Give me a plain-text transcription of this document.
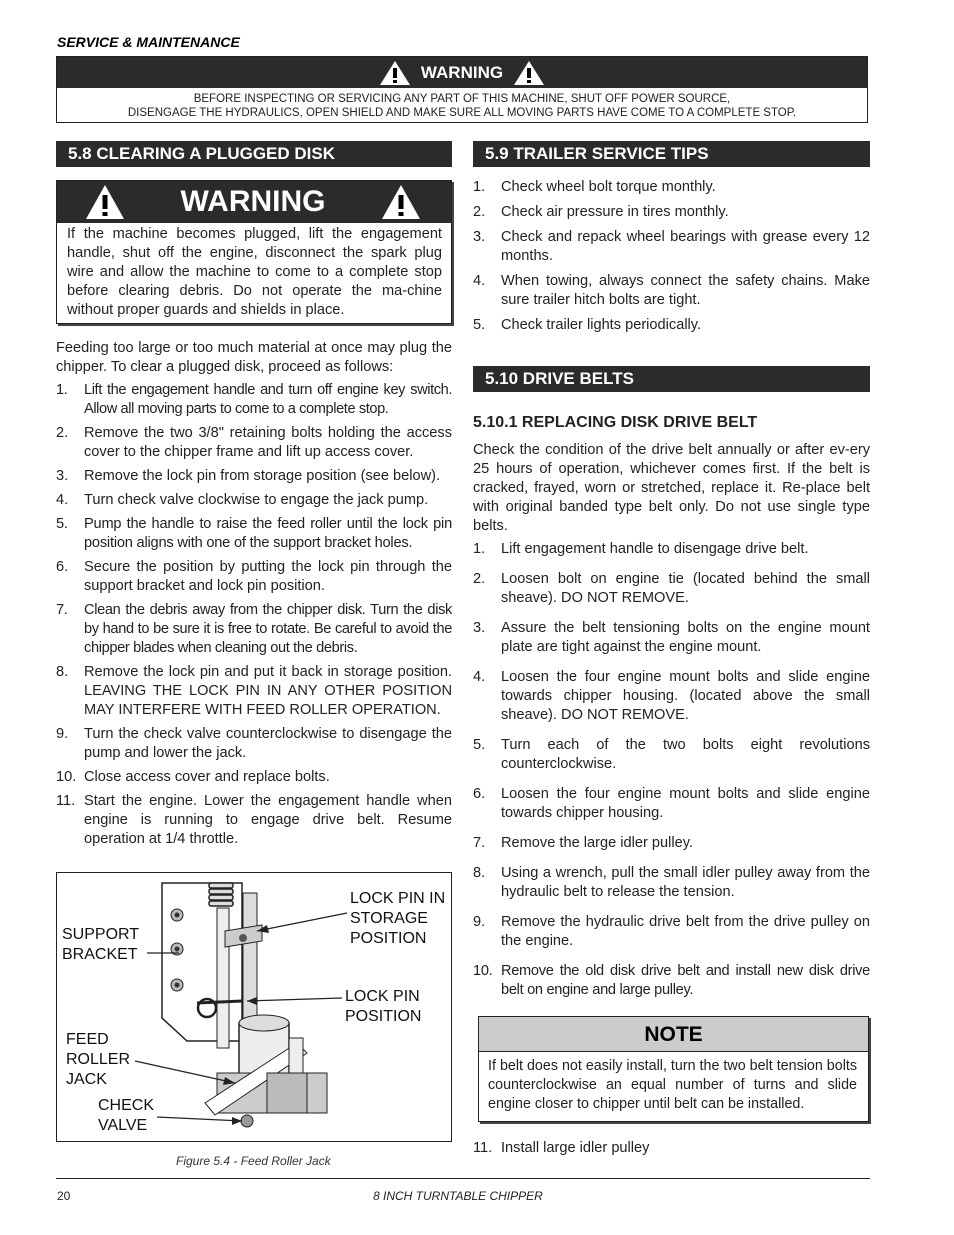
SERVICE & MAINTENANCE
WARNING
BEFORE INSPECTING OR SERVICING ANY PART OF THIS MACHINE, SHUT OFF POWER SOURCE,
DISENGAGE THE HYDRAULICS, OPEN SHIELD AND MAKE SURE ALL MOVING PARTS HAVE COME TO A COMPLETE STOP.
5.8 CLEARING A PLUGGED DISK
WARNING
If the machine becomes plugged, lift the engagement handle, shut off the engine, disconnect the spark plug wire and allow the machine to come to a complete stop before clearing debris. Do not operate the ma-chine without proper guards and shields in place.
Feeding too large or too much material at once may plug the chipper. To clear a plugged disk, proceed as follows:
1. Lift the engagement handle and turn off engine key switch. Allow all moving parts to come to a complete stop.
2. Remove the two 3/8" retaining bolts holding the access cover to the chipper frame and lift up access cover.
3. Remove the lock pin from storage position (see below).
4. Turn check valve clockwise to engage the jack pump.
5. Pump the handle to raise the feed roller until the lock pin position aligns with one of the support bracket holes.
6. Secure the position by putting the lock pin through the support bracket and lock pin position.
7. Clean the debris away from the chipper disk. Turn the disk by hand to be sure it is free to rotate. Be careful to avoid the chipper blades when cleaning out the debris.
8. Remove the lock pin and put it back in storage position. LEAVING THE LOCK PIN IN ANY OTHER POSITION MAY INTERFERE WITH FEED ROLLER OPERATION.
9. Turn the check valve counterclockwise to disengage the pump and lower the jack.
10. Close access cover and replace bolts.
11. Start the engine. Lower the engagement handle when engine is running to engage drive belt. Resume operation at 1/4 throttle.
SUPPORT
BRACKET
LOCK PIN IN
STORAGE
POSITION
LOCK PIN
POSITION
FEED
ROLLER
JACK
CHECK
VALVE
Figure 5.4 - Feed Roller Jack
5.9 TRAILER SERVICE TIPS
1. Check wheel bolt torque monthly.
2. Check air pressure in tires monthly.
3. Check and repack wheel bearings with grease every 12 months.
4. When towing, always connect the safety chains. Make sure trailer hitch bolts are tight.
5. Check trailer lights periodically.
5.10 DRIVE BELTS
5.10.1 REPLACING DISK DRIVE BELT
Check the condition of the drive belt annually or after ev-ery 25 hours of operation, whichever comes first. If the belt is cracked, frayed, worn or stretched, replace it. Re-place belt with original banded type belt only. Do not use single type belts.
1. Lift engagement handle to disengage drive belt.
2. Loosen bolt on engine tie (located behind the small sheave). DO NOT REMOVE.
3. Assure the belt tensioning bolts on the engine mount plate are tight against the engine mount.
4. Loosen the four engine mount bolts and slide engine towards chipper housing. (located above the small sheave). DO NOT REMOVE.
5. Turn each of the two bolts eight revolutions counterclockwise.
6. Loosen the four engine mount bolts and slide engine towards chipper housing.
7. Remove the large idler pulley.
8. Using a wrench, pull the small idler pulley away from the hydraulic belt to release the tension.
9. Remove the hydraulic drive belt from the drive pulley on the engine.
10. Remove the old disk drive belt and install new disk drive belt on engine and large pulley.
NOTE
If belt does not easily install, turn the two belt tension bolts counterclockwise an equal number of turns and slide engine closer to chipper until belt can be installed.
11. Install large idler pulley
20	8 INCH TURNTABLE CHIPPER
